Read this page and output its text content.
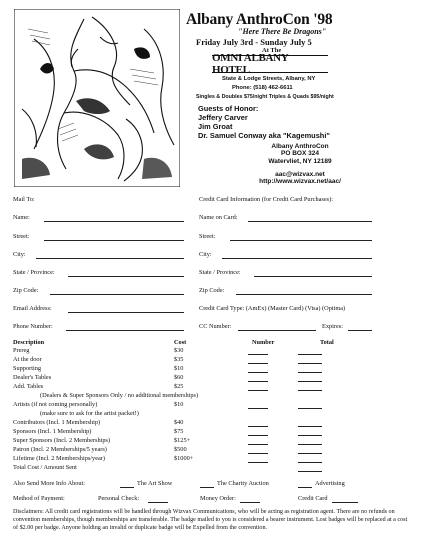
Albany AnthroCon '98
"Here There Be Dragons"
Friday July 3rd - Sunday July 5
At The
OMNI ALBANY HOTEL
State & Lodge Streets, Albany, NY
Phone: (518) 462-6611
Singles & Doubles $75/night Triples & Quads $95/night
Guests of Honor:
Jeffery Carver
Jim Groat
Dr. Samuel Conway aka "Kagemushi"
Albany AnthroCon
PO BOX 324
Watervliet, NY 12189
aac@wizvax.net
http://www.wizvax.net/aac/
Mail To:	Credit Card Information (for Credit Card Purchases):
Name:
Street:
City:
State / Province:
Zip Code:
Email Address:
Phone Number:
Name on Card:
Street:
City:
State / Province:
Zip Code:
Credit Card Type: (AmEx) (Master Card) (Visa) (Optima)
CC Number:	Expires:
Description	Cost	Number	Total
Prereg	$30
At the door	$35
Supporting	$10
Dealer's Tables	$60
Add. Tables	$25
(Dealers & Super Sponsors Only / no additional memberships)
Artists (if not coming personally)	$10
(make sure to ask for the artist packet!)
Contributors (Incl. 1 Membership)	$40
Sponsors (Incl. 1 Membership)	$75
Super Sponsors (Incl. 2 Memberships)	$125+
Patron (Incl. 2 Memberships/5 years)	$500
Lifetime (Incl. 2 Memberships/year)	$1000+
Total Cost / Amount Sent
Also Send More Info About:	The Art Show	The Charity Auction	Advertising
Method of Payment:	Personal Check:	Money Order:	Credit Card
Disclaimers: All credit card registrations will be handled through Wizvax Communications, who will be acting as registration agent. There are no refunds on convention memberships, though memberships are transferable. The badge mailed to you is considered a bearer instrument. Lost badges will be replaced at a cost of $2.00 per badge. Anyone holding an invalid or duplicate badge will be Expelled from the convention.
